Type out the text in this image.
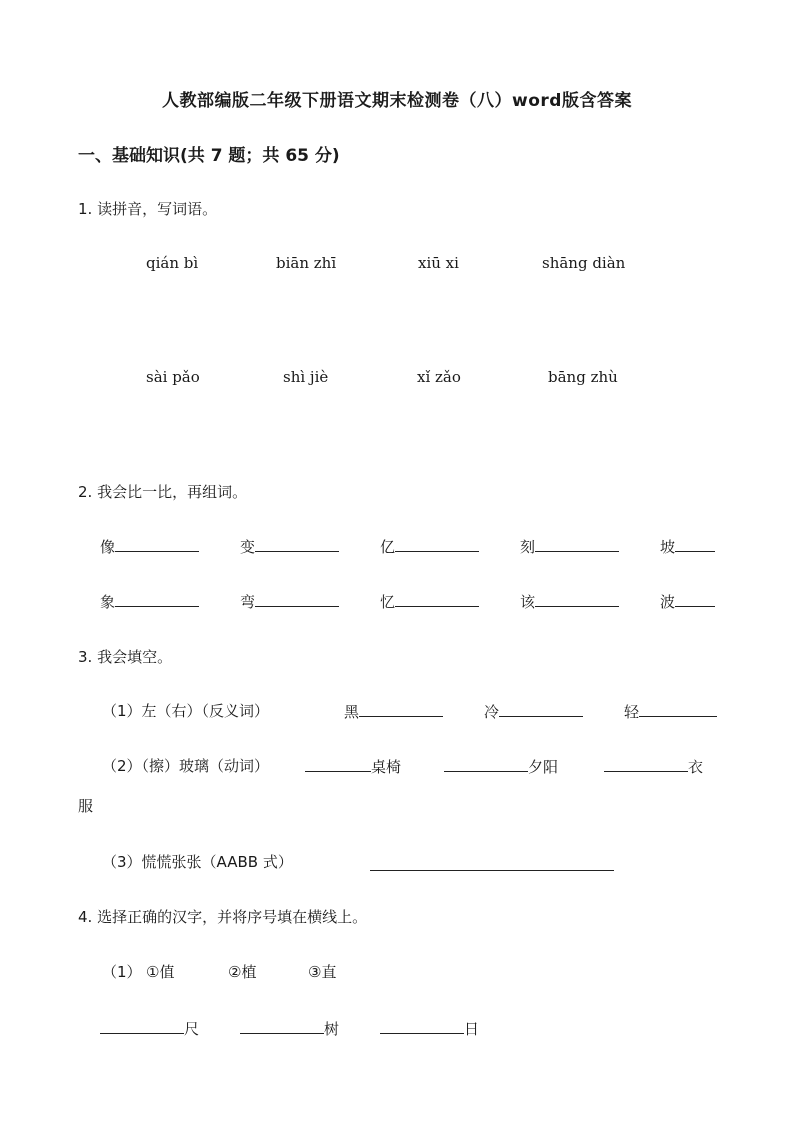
人教部编版二年级下册语文期末检测卷（八）word版含答案
一、基础知识(共 7 题；共 65 分)
1. 读拼音，写词语。
qián bì	biān zhī	xiū xi	shāng diàn
sài pǎo	shì jiè	xǐ zǎo	bāng zhù
2. 我会比一比，再组词。
像	变	亿	刻	坡
象	弯	忆	该	波
3. 我会填空。
（1）左（右）（反义词）	黑	冷	轻
（2）（擦）玻璃（动词）	桌椅	夕阳	衣
服
（3）慌慌张张（AABB 式）
4. 选择正确的汉字，并将序号填在横线上。
（1） ①值	②植	③直
尺	树	日
